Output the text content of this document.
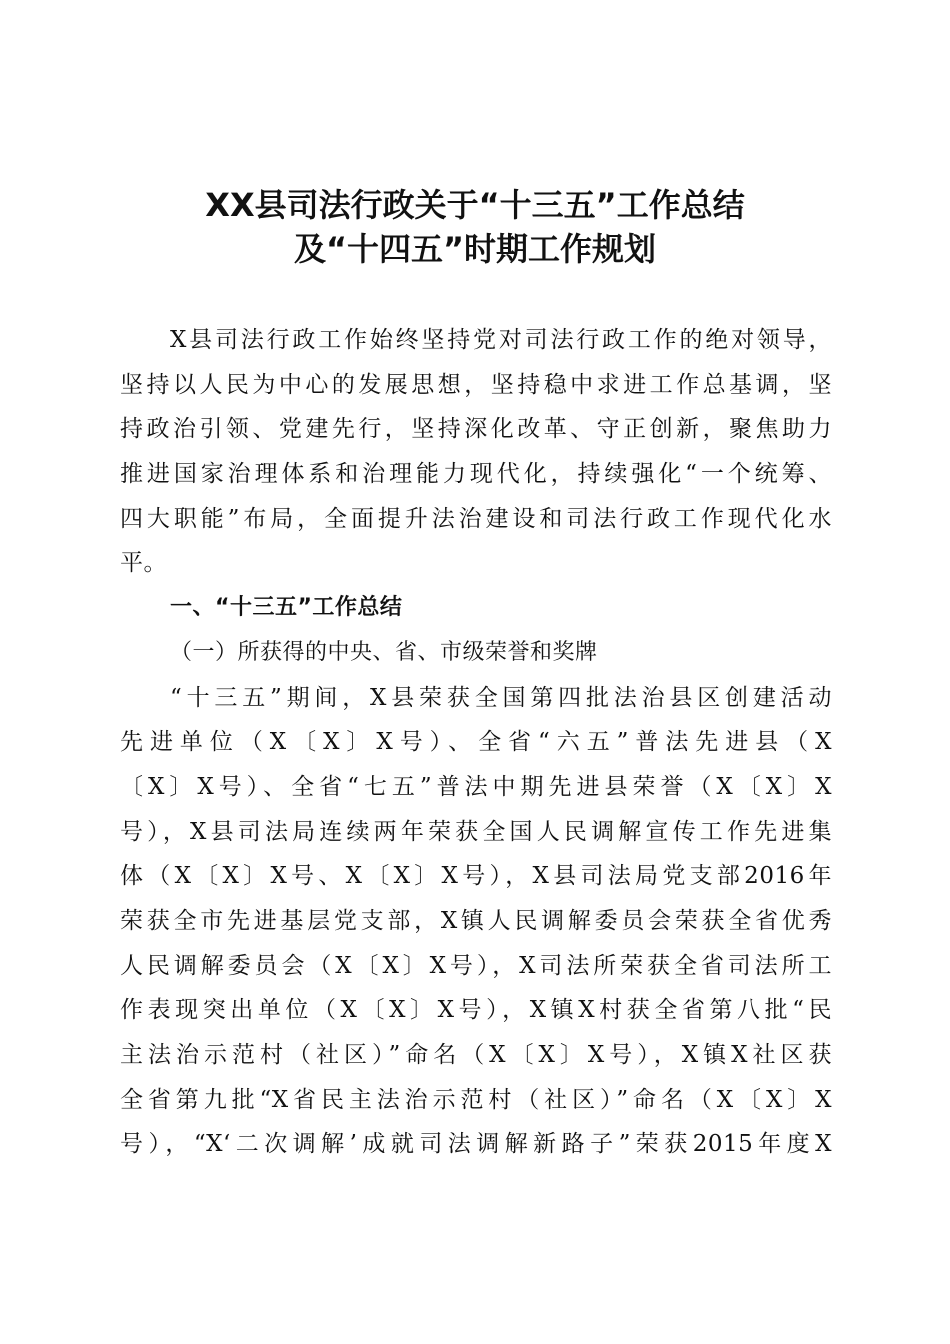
XX县司法行政关于“十三五”工作总结
及“十四五”时期工作规划
X县司法行政工作始终坚持党对司法行政工作的绝对领导，
坚持以人民为中心的发展思想，坚持稳中求进工作总基调，坚
持政治引领、党建先行，坚持深化改革、守正创新，聚焦助力
推进国家治理体系和治理能力现代化，持续强化“一个统筹、
四大职能”布局，全面提升法治建设和司法行政工作现代化水
平。
一、“十三五”工作总结
（一）所获得的中央、省、市级荣誉和奖牌
“十三五”期间，X县荣获全国第四批法治县区创建活动
先进单位（X〔X〕X号）、全省“六五”普法先进县（X
〔X〕X号）、全省“七五”普法中期先进县荣誉（X〔X〕X
号），X县司法局连续两年荣获全国人民调解宣传工作先进集
体（X〔X〕X号、X〔X〕X号），X县司法局党支部2016年
荣获全市先进基层党支部，X镇人民调解委员会荣获全省优秀
人民调解委员会（X〔X〕X号），X司法所荣获全省司法所工
作表现突出单位（X〔X〕X号），X镇X村获全省第八批“民
主法治示范村（社区）”命名（X〔X〕X号），X镇X社区获
全省第九批“X省民主法治示范村（社区）”命名（X〔X〕X
号），“X‘二次调解’成就司法调解新路子”荣获2015年度X
